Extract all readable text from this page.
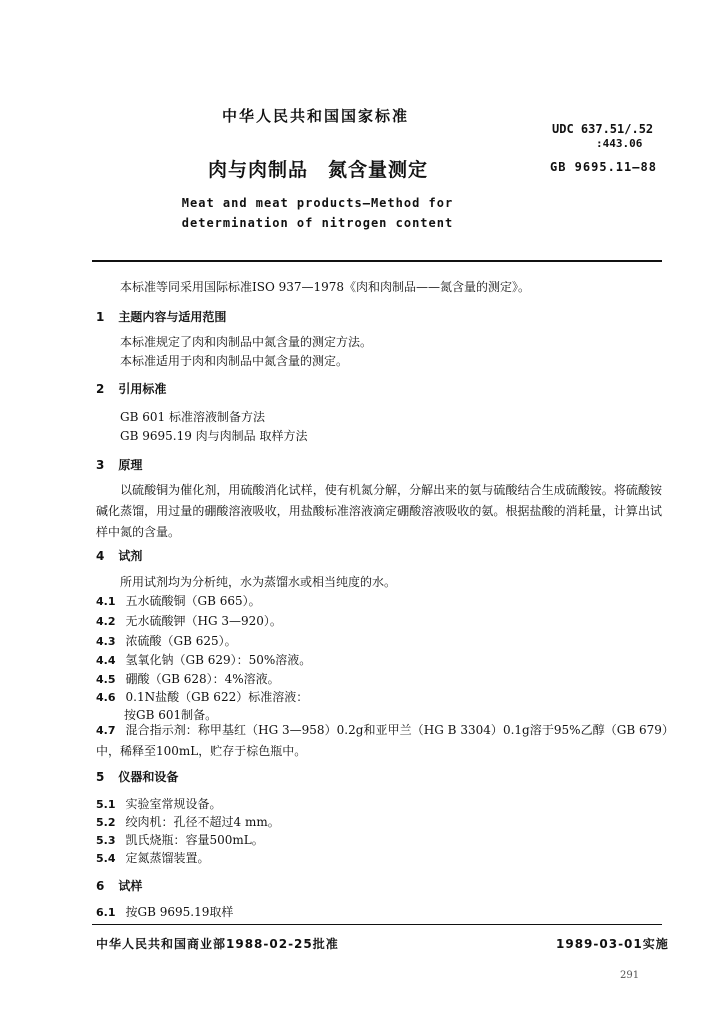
中华人民共和国国家标准
UDC 637.51/.52
:443.06
肉与肉制品　氮含量测定	GB 9695.11—88
Meat and meat products—Method for
determination of nitrogen content
本标准等同采用国际标准ISO 937—1978《肉和肉制品——氮含量的测定》。
1 主题内容与适用范围
本标准规定了肉和肉制品中氮含量的测定方法。
本标准适用于肉和肉制品中氮含量的测定。
2 引用标准
GB 601 标准溶液制备方法
GB 9695.19 肉与肉制品 取样方法
3 原理
以硫酸铜为催化剂，用硫酸消化试样，使有机氮分解，分解出来的氨与硫酸结合生成硫酸铵。将硫酸铵碱化蒸馏，用过量的硼酸溶液吸收，用盐酸标准溶液滴定硼酸溶液吸收的氨。根据盐酸的消耗量，计算出试样中氮的含量。
4 试剂
所用试剂均为分析纯，水为蒸馏水或相当纯度的水。
4.1 五水硫酸铜（GB 665）。
4.2 无水硫酸钾（HG 3—920）。
4.3 浓硫酸（GB 625）。
4.4 氢氧化钠（GB 629）：50%溶液。
4.5 硼酸（GB 628）：4%溶液。
4.6 0.1N盐酸（GB 622）标准溶液：
按GB 601制备。
4.7 混合指示剂：称甲基红（HG 3—958）0.2g和亚甲兰（HG B 3304）0.1g溶于95%乙醇（GB 679）中，稀释至100mL，贮存于棕色瓶中。
5 仪器和设备
5.1 实验室常规设备。
5.2 绞肉机：孔径不超过4 mm。
5.3 凯氏烧瓶：容量500mL。
5.4 定氮蒸馏装置。
6 试样
6.1 按GB 9695.19取样
中华人民共和国商业部1988-02-25批准	1989-03-01实施
291
